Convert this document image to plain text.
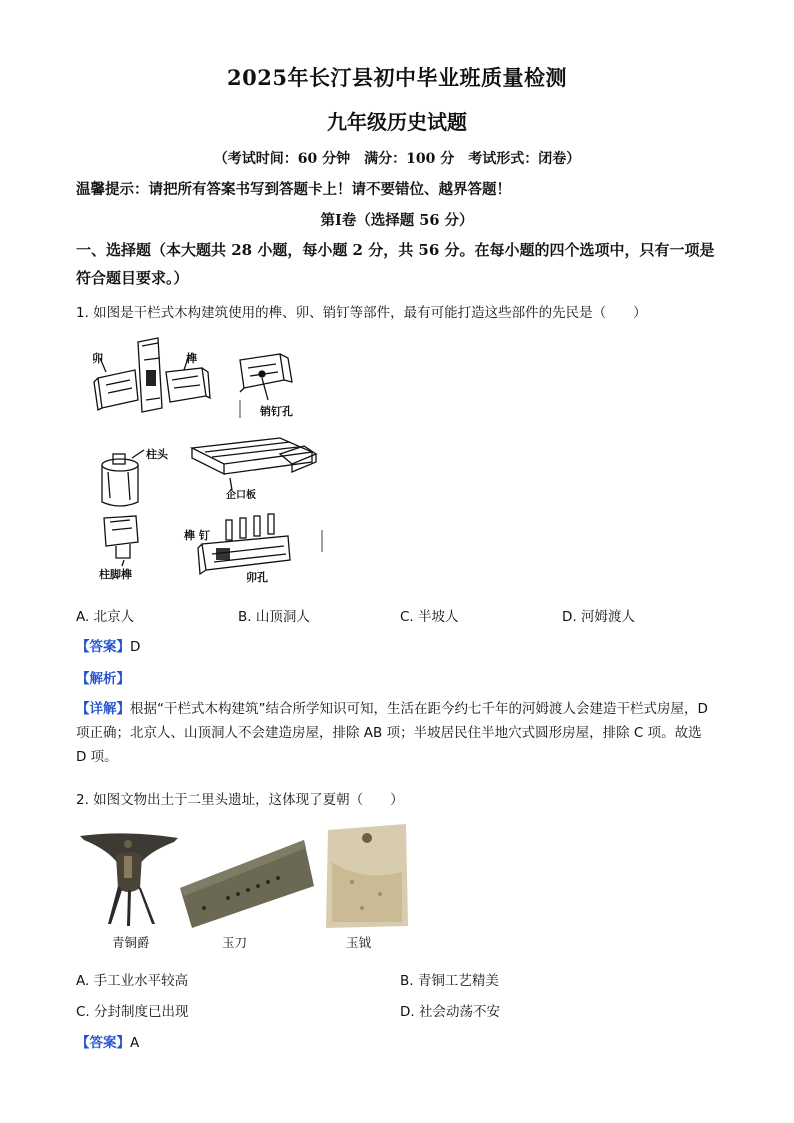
2025年长汀县初中毕业班质量检测
九年级历史试题
（考试时间：60 分钟　满分：100 分　考试形式：闭卷）
温馨提示：请把所有答案书写到答题卡上！请不要错位、越界答题！
第Ⅰ卷（选择题 56 分）
一、选择题（本大题共 28 小题，每小题 2 分，共 56 分。在每小题的四个选项中，只有一项是符合题目要求。）
1. 如图是干栏式木构建筑使用的榫、卯、销钉等部件，最有可能打造这些部件的先民是（　　）
卯	榫
销钉孔
柱头
企口板
榫 钉
柱脚榫	卯孔
A. 北京人	B. 山顶洞人	C. 半坡人	D. 河姆渡人
【答案】D
【解析】
【详解】根据“干栏式木构建筑”结合所学知识可知，生活在距今约七千年的河姆渡人会建造干栏式房屋，D项正确；北京人、山顶洞人不会建造房屋，排除 AB 项；半坡居民住半地穴式圆形房屋，排除 C 项。故选 D 项。
2. 如图文物出土于二里头遗址，这体现了夏朝（　　）
青铜爵	玉刀	玉钺
A. 手工业水平较高	B. 青铜工艺精美
C. 分封制度已出现	D. 社会动荡不安
【答案】A
